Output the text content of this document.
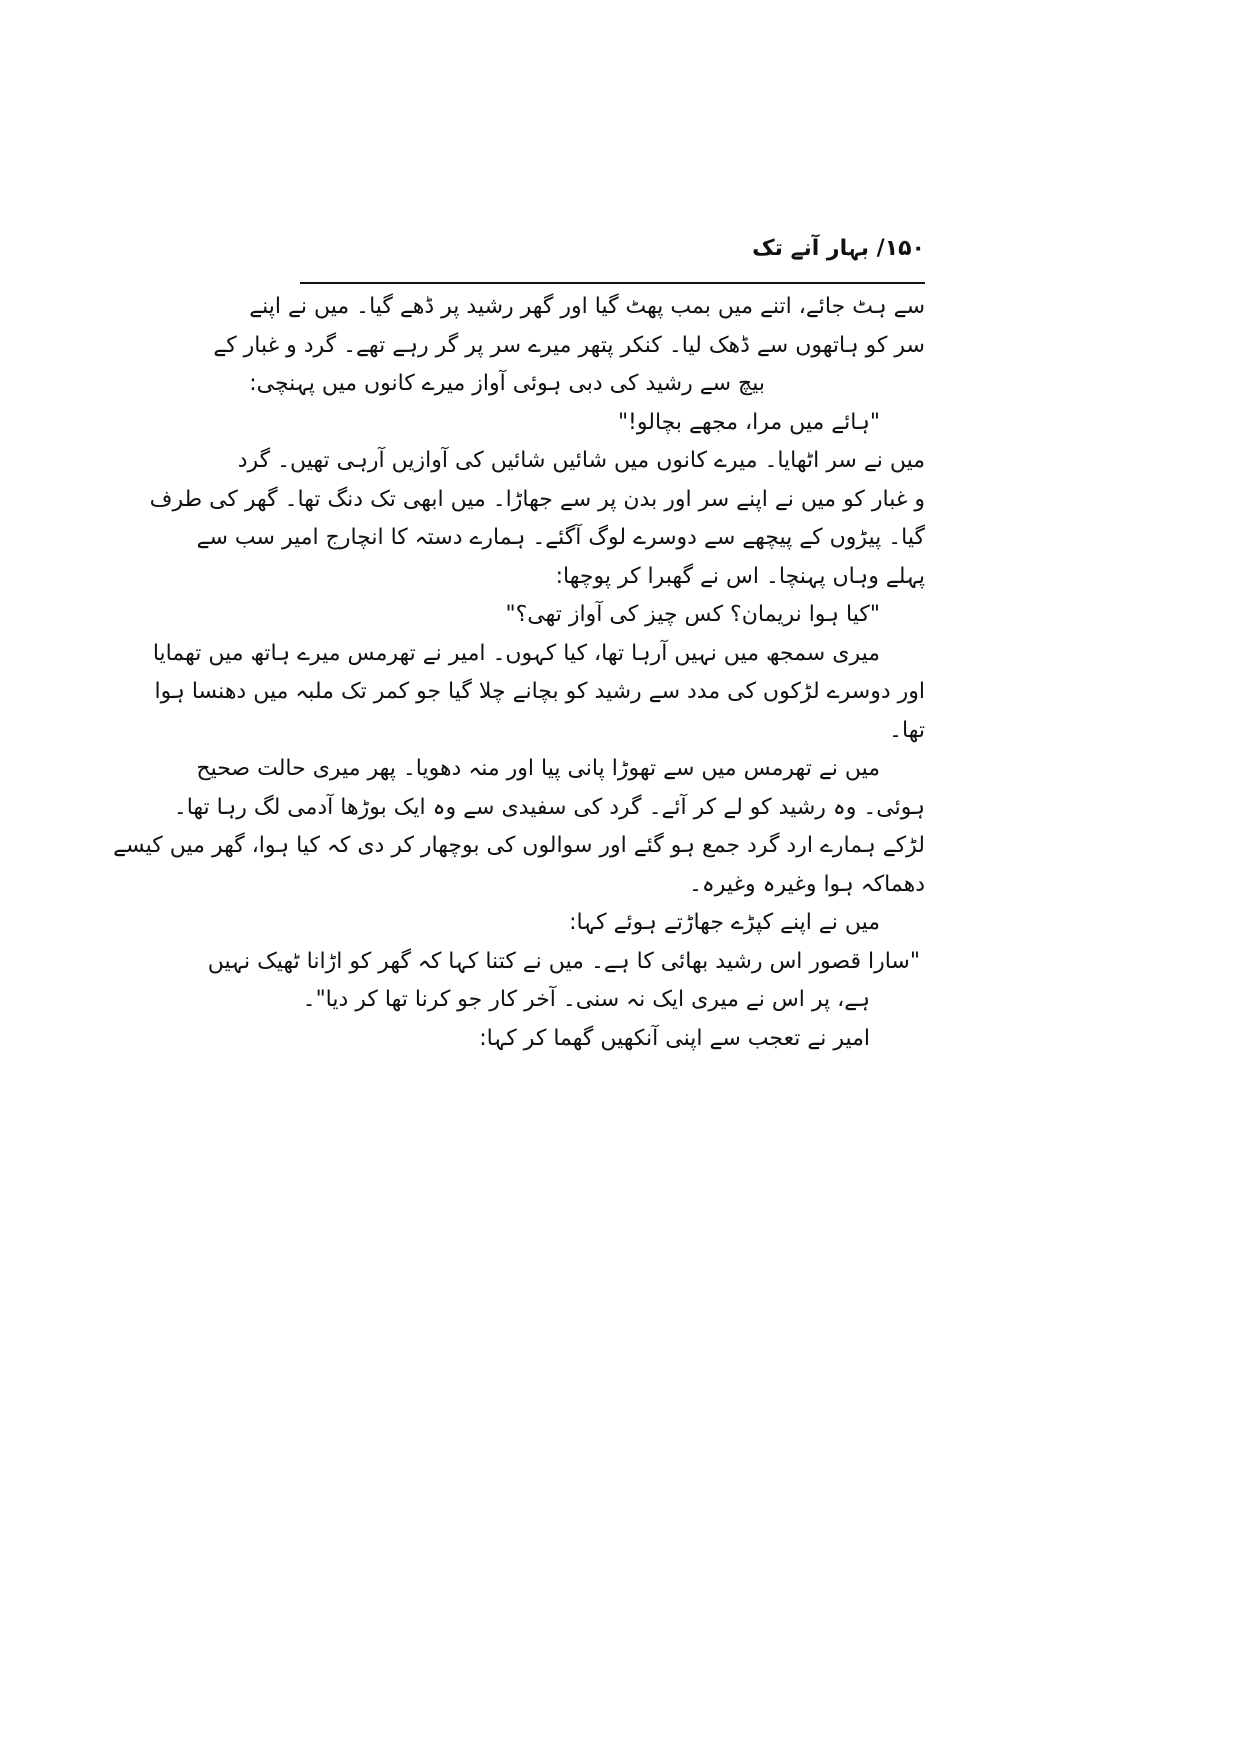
۱۵۰/ بہار آنے تک
سے ہٹ جائے، اتنے میں بمب پھٹ گیا اور گھر رشید پر ڈھے گیا۔ میں نے اپنے
سر کو ہاتھوں سے ڈھک لیا۔ کنکر پتھر میرے سر پر گر رہے تھے۔ گرد و غبار کے
بیچ سے رشید کی دبی ہوئی آواز میرے کانوں میں پہنچی:
"ہائے میں مرا، مجھے بچالو!"
میں نے سر اٹھایا۔ میرے کانوں میں شائیں شائیں کی آوازیں آرہی تھیں۔ گرد
و غبار کو میں نے اپنے سر اور بدن پر سے جھاڑا۔ میں ابھی تک دنگ تھا۔ گھر کی طرف
گیا۔ پیڑوں کے پیچھے سے دوسرے لوگ آگئے۔ ہمارے دستہ کا انچارج امیر سب سے
پہلے وہاں پہنچا۔ اس نے گھبرا کر پوچھا:
"کیا ہوا نریمان؟ کس چیز کی آواز تھی؟"
میری سمجھ میں نہیں آرہا تھا، کیا کہوں۔ امیر نے تھرمس میرے ہاتھ میں تھمایا
اور دوسرے لڑکوں کی مدد سے رشید کو بچانے چلا گیا جو کمر تک ملبہ میں دھنسا ہوا
تھا۔
میں نے تھرمس میں سے تھوڑا پانی پیا اور منہ دھویا۔ پھر میری حالت صحیح
ہوئی۔ وہ رشید کو لے کر آئے۔ گرد کی سفیدی سے وہ ایک بوڑھا آدمی لگ رہا تھا۔
لڑکے ہمارے ارد گرد جمع ہو گئے اور سوالوں کی بوچھار کر دی کہ کیا ہوا، گھر میں کیسے
دھماکہ ہوا وغیرہ وغیرہ۔
میں نے اپنے کپڑے جھاڑتے ہوئے کہا:
"سارا قصور اس رشید بھائی کا ہے۔ میں نے کتنا کہا کہ گھر کو اڑانا ٹھیک نہیں
ہے، پر اس نے میری ایک نہ سنی۔ آخر کار جو کرنا تھا کر دیا"۔
امیر نے تعجب سے اپنی آنکھیں گھما کر کہا:
